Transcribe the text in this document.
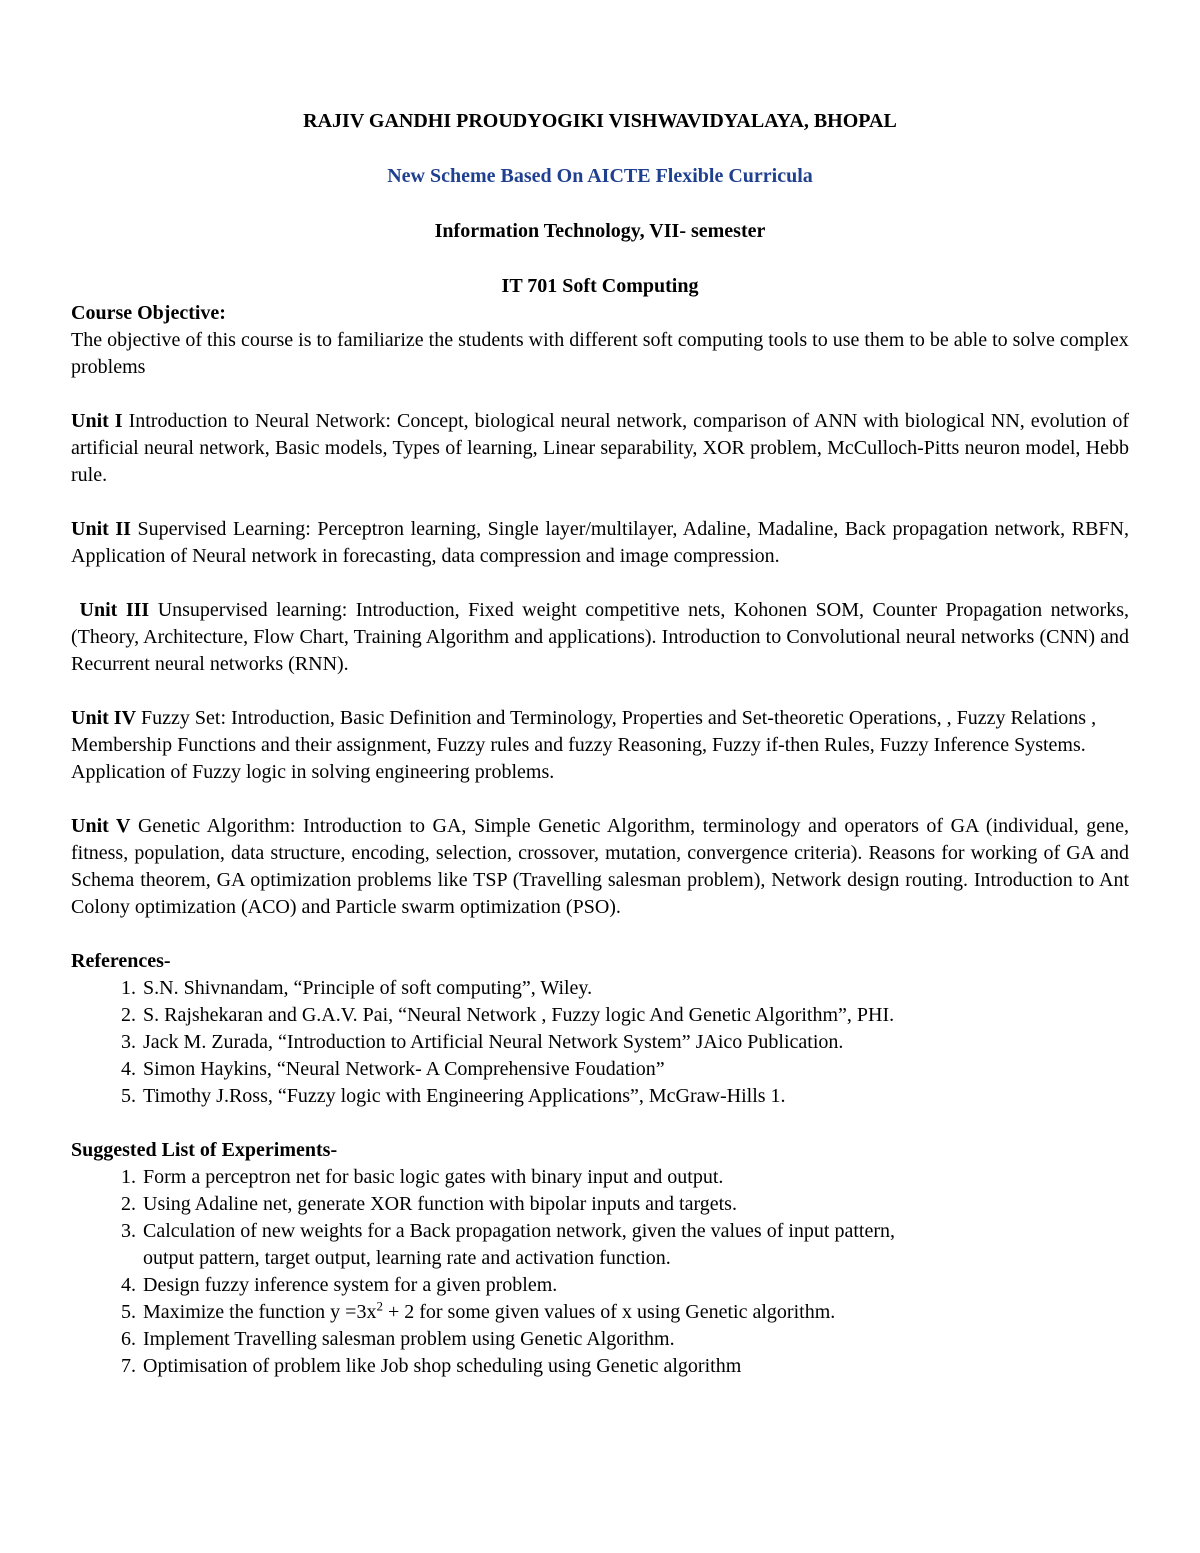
RAJIV GANDHI PROUDYOGIKI VISHWAVIDYALAYA, BHOPAL

New Scheme Based On AICTE Flexible Curricula

Information Technology, VII- semester

IT 701 Soft Computing

Course Objective:

The objective of this course is to familiarize the students with different soft computing tools to use them to be able to solve complex problems

Unit I Introduction to Neural Network: Concept, biological neural network, comparison of ANN with biological NN, evolution of artificial neural network, Basic models, Types of learning, Linear separability, XOR problem, McCulloch-Pitts neuron model, Hebb rule.

Unit II Supervised Learning: Perceptron learning, Single layer/multilayer, Adaline, Madaline, Back propagation network, RBFN, Application of Neural network in forecasting, data compression and image compression.

Unit III Unsupervised learning: Introduction, Fixed weight competitive nets, Kohonen SOM, Counter Propagation networks, (Theory, Architecture, Flow Chart, Training Algorithm and applications). Introduction to Convolutional neural networks (CNN) and Recurrent neural networks (RNN).

Unit IV Fuzzy Set: Introduction, Basic Definition and Terminology, Properties and Set-theoretic Operations, , Fuzzy Relations , Membership Functions and their assignment, Fuzzy rules and fuzzy Reasoning, Fuzzy if-then Rules, Fuzzy Inference Systems. Application of Fuzzy logic in solving engineering problems.

Unit V Genetic Algorithm: Introduction to GA, Simple Genetic Algorithm, terminology and operators of GA (individual, gene, fitness, population, data structure, encoding, selection, crossover, mutation, convergence criteria). Reasons for working of GA and Schema theorem, GA optimization problems like TSP (Travelling salesman problem), Network design routing. Introduction to Ant Colony optimization (ACO) and Particle swarm optimization (PSO).

References-

1. S.N. Shivnandam, “Principle of soft computing”, Wiley.
2. S. Rajshekaran and G.A.V. Pai, “Neural Network , Fuzzy logic And Genetic Algorithm”, PHI.
3. Jack M. Zurada, “Introduction to Artificial Neural Network System” JAico Publication.
4. Simon Haykins, “Neural Network- A Comprehensive Foudation”
5. Timothy J.Ross, “Fuzzy logic with Engineering Applications”, McGraw-Hills 1.

Suggested List of Experiments-

1. Form a perceptron net for basic logic gates with binary input and output.
2. Using Adaline net, generate XOR function with bipolar inputs and targets.
3. Calculation of new weights for a Back propagation network, given the values of input pattern, output pattern, target output, learning rate and activation function.
4. Design fuzzy inference system for a given problem.
5. Maximize the function $y =3x^2 + 2$ for some given values of x using Genetic algorithm.
6. Implement Travelling salesman problem using Genetic Algorithm.
7. Optimisation of problem like Job shop scheduling using Genetic algorithm
